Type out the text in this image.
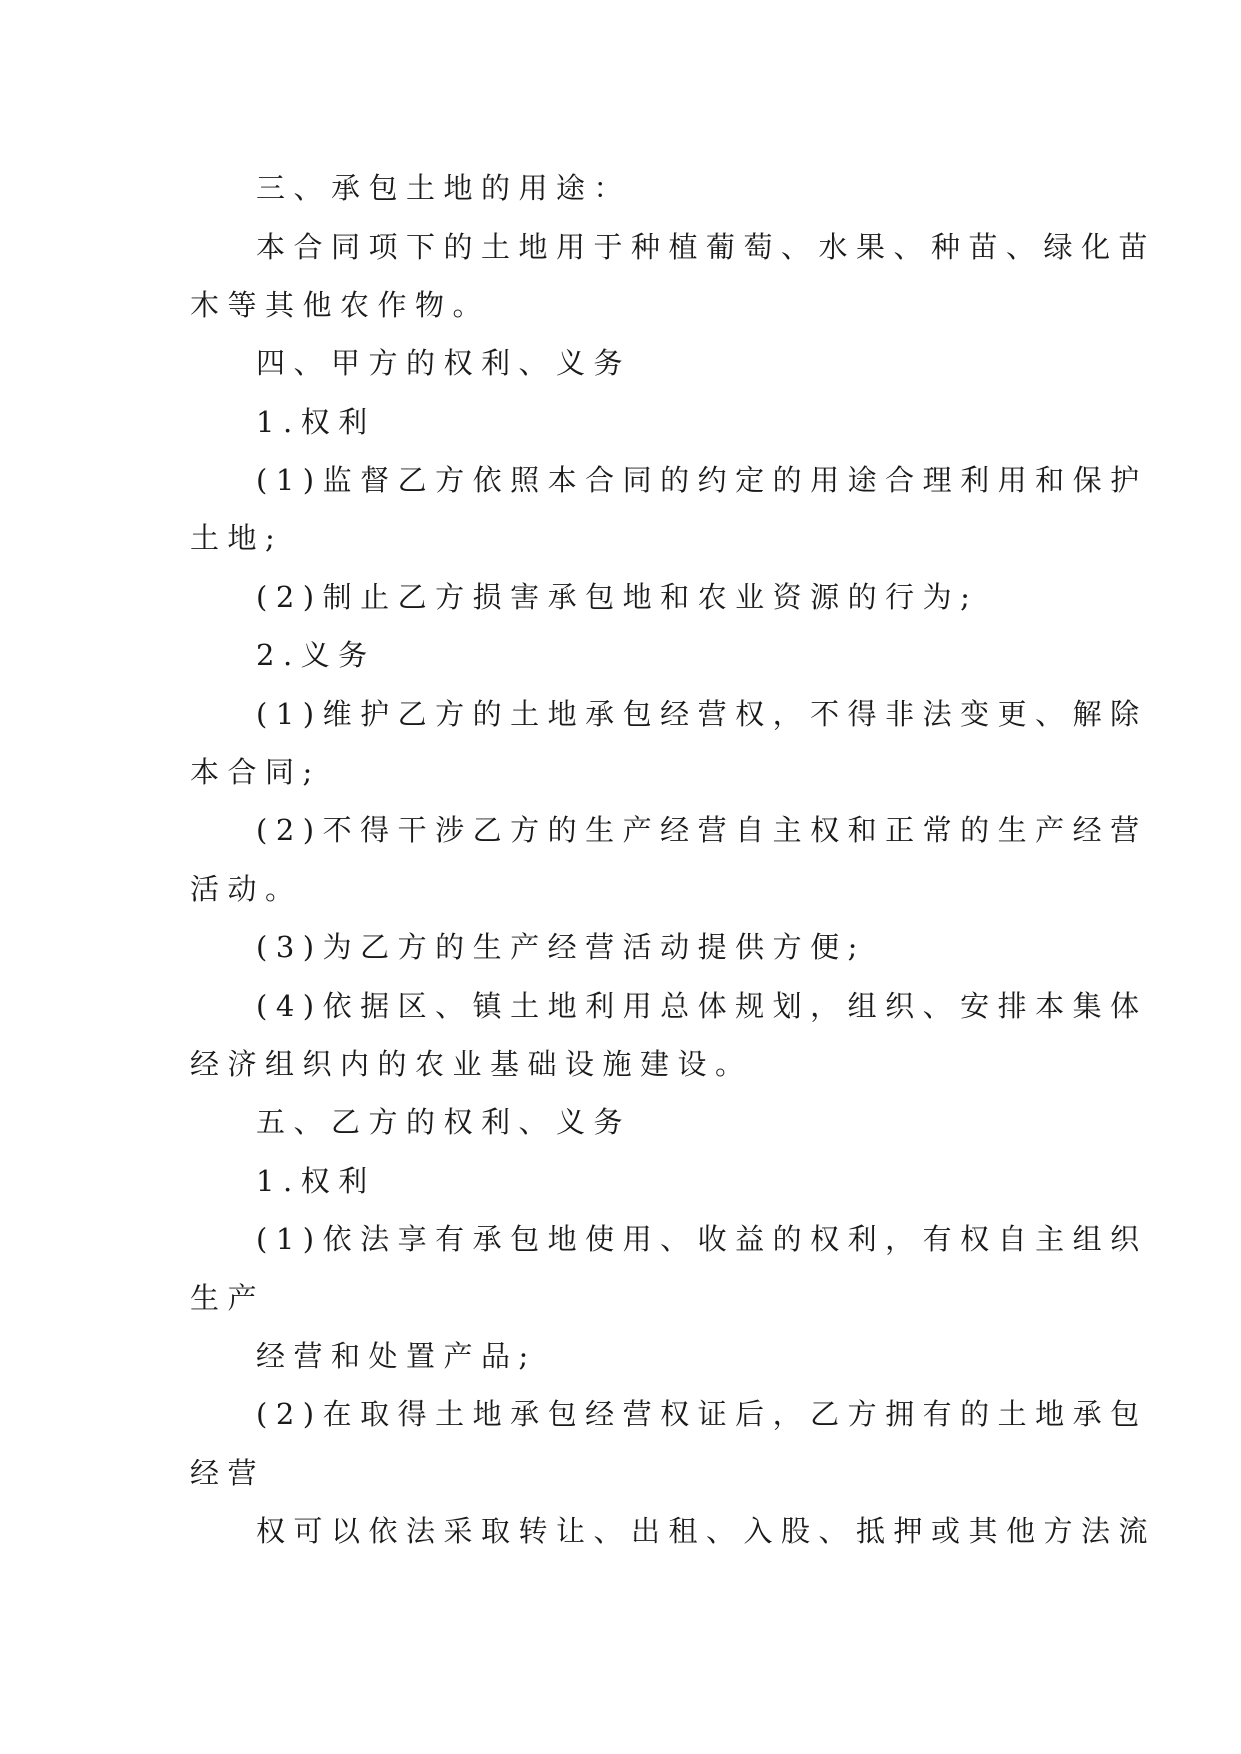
三、承包土地的用途：
本合同项下的土地用于种植葡萄、水果、种苗、绿化苗
木等其他农作物。
四、甲方的权利、义务
1.权利
(1)监督乙方依照本合同的约定的用途合理利用和保护
土地;
(2)制止乙方损害承包地和农业资源的行为;
2.义务
(1)维护乙方的土地承包经营权，不得非法变更、解除
本合同;
(2)不得干涉乙方的生产经营自主权和正常的生产经营
活动。
(3)为乙方的生产经营活动提供方便;
(4)依据区、镇土地利用总体规划，组织、安排本集体
经济组织内的农业基础设施建设。
五、乙方的权利、义务
1.权利
(1)依法享有承包地使用、收益的权利，有权自主组织
生产
经营和处置产品;
(2)在取得土地承包经营权证后，乙方拥有的土地承包
经营
权可以依法采取转让、出租、入股、抵押或其他方法流
